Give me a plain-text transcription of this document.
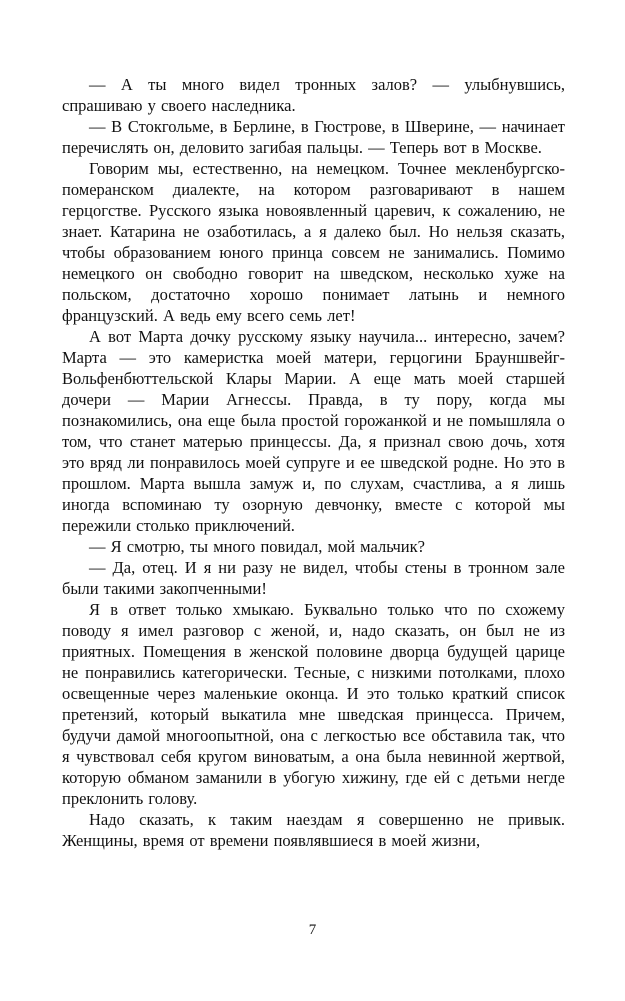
— А ты много видел тронных залов? — улыбнувшись, спрашиваю у своего наследника.

— В Стокгольме, в Берлине, в Гюстрове, в Шверине, — начинает перечислять он, деловито загибая пальцы. — Теперь вот в Москве.

Говорим мы, естественно, на немецком. Точнее мекленбургско-померанском диалекте, на котором разговаривают в нашем герцогстве. Русского языка новоявленный царевич, к сожалению, не знает. Катарина не озаботилась, а я далеко был. Но нельзя сказать, чтобы образованием юного принца совсем не занимались. Помимо немецкого он свободно говорит на шведском, несколько хуже на польском, достаточно хорошо понимает латынь и немного французский. А ведь ему всего семь лет!

А вот Марта дочку русскому языку научила... интересно, зачем? Марта — это камеристка моей матери, герцогини Брауншвейг-Вольфенбюттельской Клары Марии. А еще мать моей старшей дочери — Марии Агнессы. Правда, в ту пору, когда мы познакомились, она еще была простой горожанкой и не помышляла о том, что станет матерью принцессы. Да, я признал свою дочь, хотя это вряд ли понравилось моей супруге и ее шведской родне. Но это в прошлом. Марта вышла замуж и, по слухам, счастлива, а я лишь иногда вспоминаю ту озорную девчонку, вместе с которой мы пережили столько приключений.

— Я смотрю, ты много повидал, мой мальчик?

— Да, отец. И я ни разу не видел, чтобы стены в тронном зале были такими закопченными!

Я в ответ только хмыкаю. Буквально только что по схожему поводу я имел разговор с женой, и, надо сказать, он был не из приятных. Помещения в женской половине дворца будущей царице не понравились категорически. Тесные, с низкими потолками, плохо освещенные через маленькие оконца. И это только краткий список претензий, который выкатила мне шведская принцесса. Причем, будучи дамой многоопытной, она с легкостью все обставила так, что я чувствовал себя кругом виноватым, а она была невинной жертвой, которую обманом заманили в убогую хижину, где ей с детьми негде преклонить голову.

Надо сказать, к таким наездам я совершенно не привык. Женщины, время от времени появлявшиеся в моей жизни,

7
